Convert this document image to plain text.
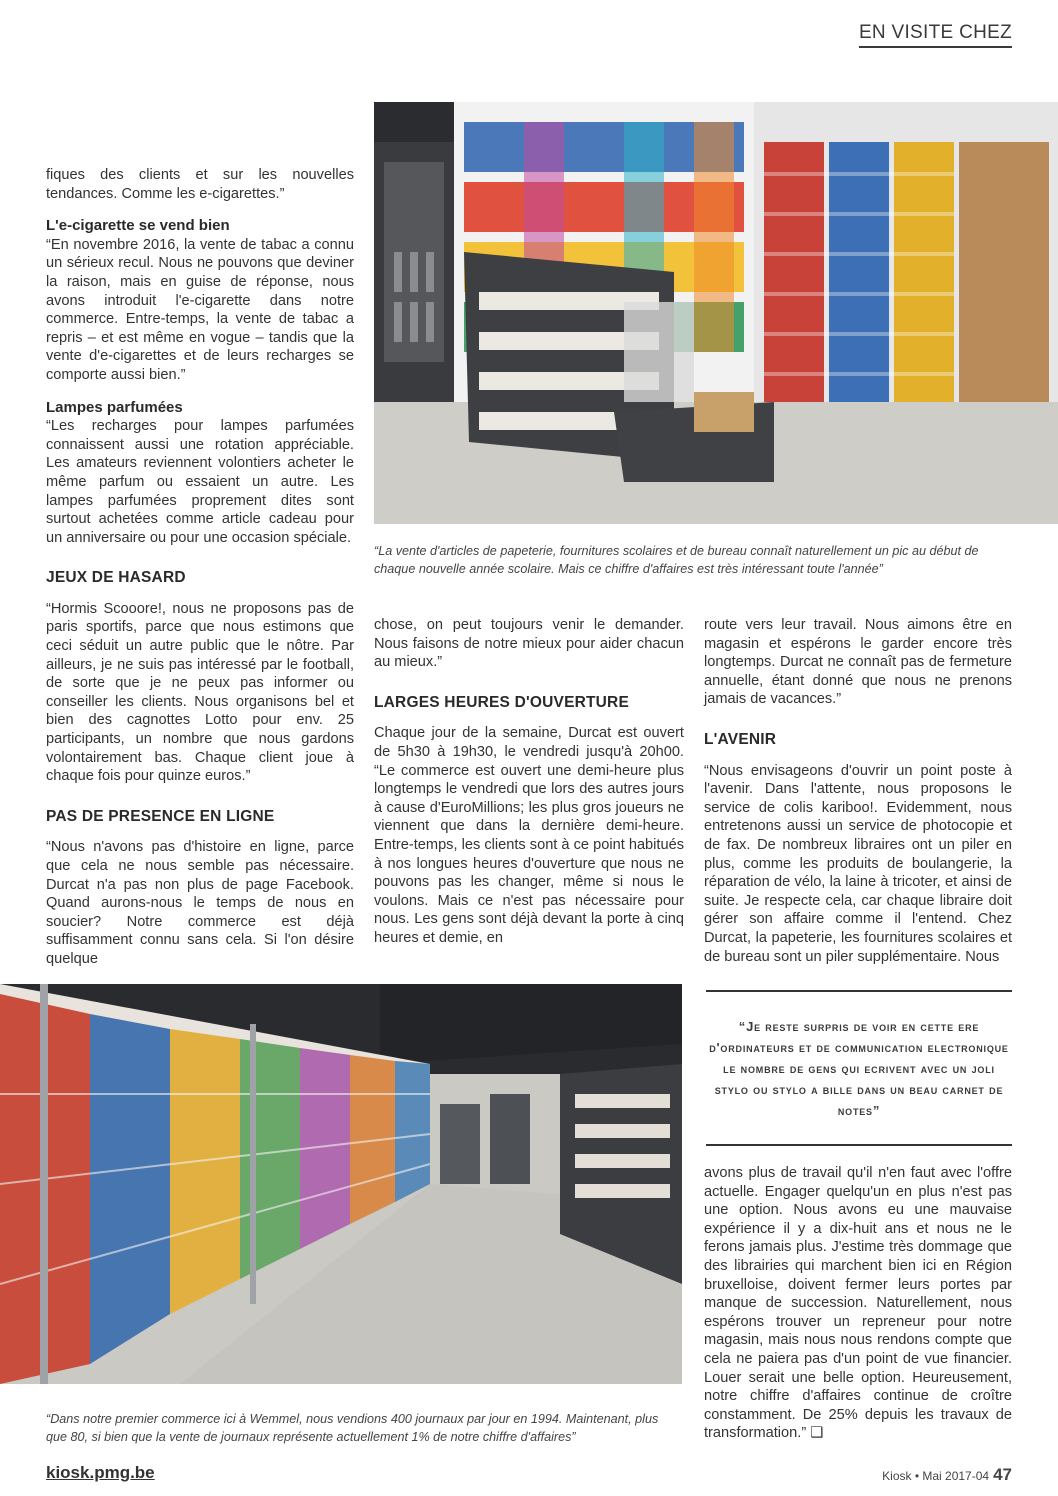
EN VISITE CHEZ
“La vente d'articles de papeterie, fournitures scolaires et de bureau connaît naturellement un pic au début de chaque nouvelle année scolaire. Mais ce chiffre d'affaires est très intéressant toute l'année”

fiques des clients et sur les nouvelles tendances. Comme les e-cigarettes.”

L'e-cigarette se vend bien

“En novembre 2016, la vente de tabac a connu un sérieux recul. Nous ne pouvons que deviner la raison, mais en guise de réponse, nous avons introduit l'e-cigarette dans notre commerce. Entre-temps, la vente de tabac a repris – et est même en vogue – tandis que la vente d'e-cigarettes et de leurs recharges se comporte aussi bien.”

Lampes parfumées

“Les recharges pour lampes parfumées connaissent aussi une rotation appréciable. Les amateurs reviennent volontiers acheter le même parfum ou essaient un autre. Les lampes parfumées proprement dites sont surtout achetées comme article cadeau pour un anniversaire ou pour une occasion spéciale.

JEUX DE HASARD

“Hormis Scooore!, nous ne proposons pas de paris sportifs, parce que nous estimons que ceci séduit un autre public que le nôtre. Par ailleurs, je ne suis pas intéressé par le football, de sorte que je ne peux pas informer ou conseiller les clients. Nous organisons bel et bien des cagnottes Lotto pour env. 25 participants, un nombre que nous gardons volontairement bas. Chaque client joue à chaque fois pour quinze euros.”

PAS DE PRESENCE EN LIGNE

“Nous n'avons pas d'histoire en ligne, parce que cela ne nous semble pas nécessaire. Durcat n'a pas non plus de page Facebook. Quand aurons-nous le temps de nous en soucier? Notre commerce est déjà suffisamment connu sans cela. Si l'on désire quelque

chose, on peut toujours venir le demander. Nous faisons de notre mieux pour aider chacun au mieux.”

LARGES HEURES D'OUVERTURE

Chaque jour de la semaine, Durcat est ouvert de 5h30 à 19h30, le vendredi jusqu'à 20h00. “Le commerce est ouvert une demi-heure plus longtemps le vendredi que lors des autres jours à cause d'EuroMillions; les plus gros joueurs ne viennent que dans la dernière demi-heure. Entre-temps, les clients sont à ce point habitués à nos longues heures d'ouverture que nous ne pouvons pas les changer, même si nous le voulons. Mais ce n'est pas nécessaire pour nous. Les gens sont déjà devant la porte à cinq heures et demie, en

route vers leur travail. Nous aimons être en magasin et espérons le garder encore très longtemps. Durcat ne connaît pas de fermeture annuelle, étant donné que nous ne prenons jamais de vacances.”

L'AVENIR

“Nous envisageons d'ouvrir un point poste à l'avenir. Dans l'attente, nous proposons le service de colis kariboo!. Evidemment, nous entretenons aussi un service de photocopie et de fax. De nombreux libraires ont un piler en plus, comme les produits de boulangerie, la réparation de vélo, la laine à tricoter, et ainsi de suite. Je respecte cela, car chaque libraire doit gérer son affaire comme il l'entend. Chez Durcat, la papeterie, les fournitures scolaires et de bureau sont un piler supplémentaire. Nous

“Je reste surpris de voir en cette ere d'ordinateurs et de communication electronique le nombre de gens qui ecrivent avec un joli stylo ou stylo a bille dans un beau carnet de notes”

avons plus de travail qu'il n'en faut avec l'offre actuelle. Engager quelqu'un en plus n'est pas une option. Nous avons eu une mauvaise expérience il y a dix-huit ans et nous ne le ferons jamais plus. J'estime très dommage que des librairies qui marchent bien ici en Région bruxelloise, doivent fermer leurs portes par manque de succession. Naturellement, nous espérons trouver un repreneur pour notre magasin, mais nous nous rendons compte que cela ne paiera pas d'un point de vue financier. Louer serait une belle option. Heureusement, notre chiffre d'affaires continue de croître constamment. De 25% depuis les travaux de transformation.” ❑

“Dans notre premier commerce ici à Wemmel, nous vendions 400 journaux par jour en 1994. Maintenant, plus que 80, si bien que la vente de journaux représente actuellement 1% de notre chiffre d'affaires”
kiosk.pmg.be	Kiosk • Mai 2017-04 47
